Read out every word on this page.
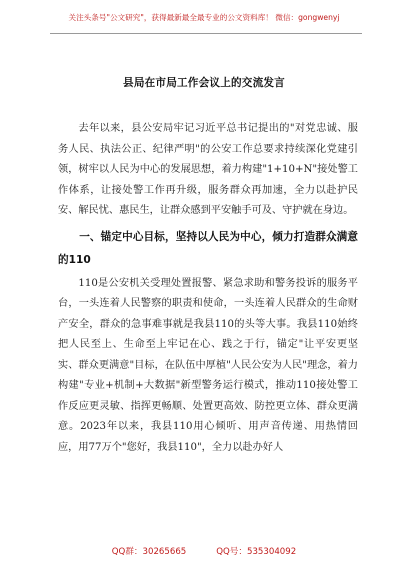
关注头条号"公文研究"，获得最新最全最专业的公文资料库！ 微信：gongwenyj
县局在市局工作会议上的交流发言

去年以来，县公安局牢记习近平总书记提出的"对党忠诚、服务人民、执法公正、纪律严明"的公安工作总要求持续深化党建引领，树牢以人民为中心的发展思想，着力构建"1+10+N"接处警工作体系，让接处警工作再升级，服务群众再加速，全力以赴护民安、解民忧、惠民生，让群众感到平安触手可及、守护就在身边。

一、锚定中心目标，坚持以人民为中心，倾力打造群众满意的110

110是公安机关受理处置报警、紧急求助和警务投诉的服务平台，一头连着人民警察的职责和使命，一头连着人民群众的生命财产安全，群众的急事难事就是我县110的头等大事。我县110始终把人民至上、生命至上牢记在心、践之于行，锚定"让平安更坚实、群众更满意"目标，在队伍中厚植"人民公安为人民"理念，着力构建"专业+机制+大数据"新型警务运行模式，推动110接处警工作反应更灵敏、指挥更畅顺、处置更高效、防控更立体、群众更满意。2023年以来，我县110用心倾听、用声音传递、用热情回应，用77万个"您好，我县110"，全力以赴办好人

QQ群：30265665	QQ号：535304092
